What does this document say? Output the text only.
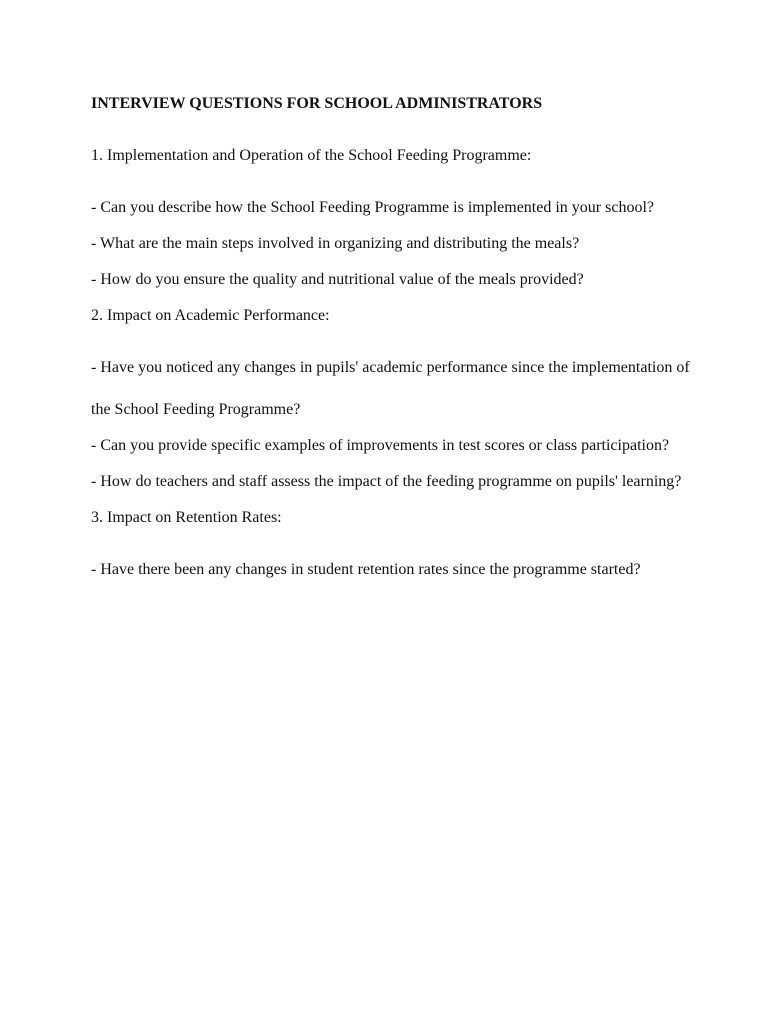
INTERVIEW QUESTIONS FOR SCHOOL ADMINISTRATORS
1. Implementation and Operation of the School Feeding Programme:
- Can you describe how the School Feeding Programme is implemented in your school?
- What are the main steps involved in organizing and distributing the meals?
- How do you ensure the quality and nutritional value of the meals provided?
2. Impact on Academic Performance:
- Have you noticed any changes in pupils' academic performance since the implementation of the School Feeding Programme?
- Can you provide specific examples of improvements in test scores or class participation?
- How do teachers and staff assess the impact of the feeding programme on pupils' learning?
3. Impact on Retention Rates:
- Have there been any changes in student retention rates since the programme started?
